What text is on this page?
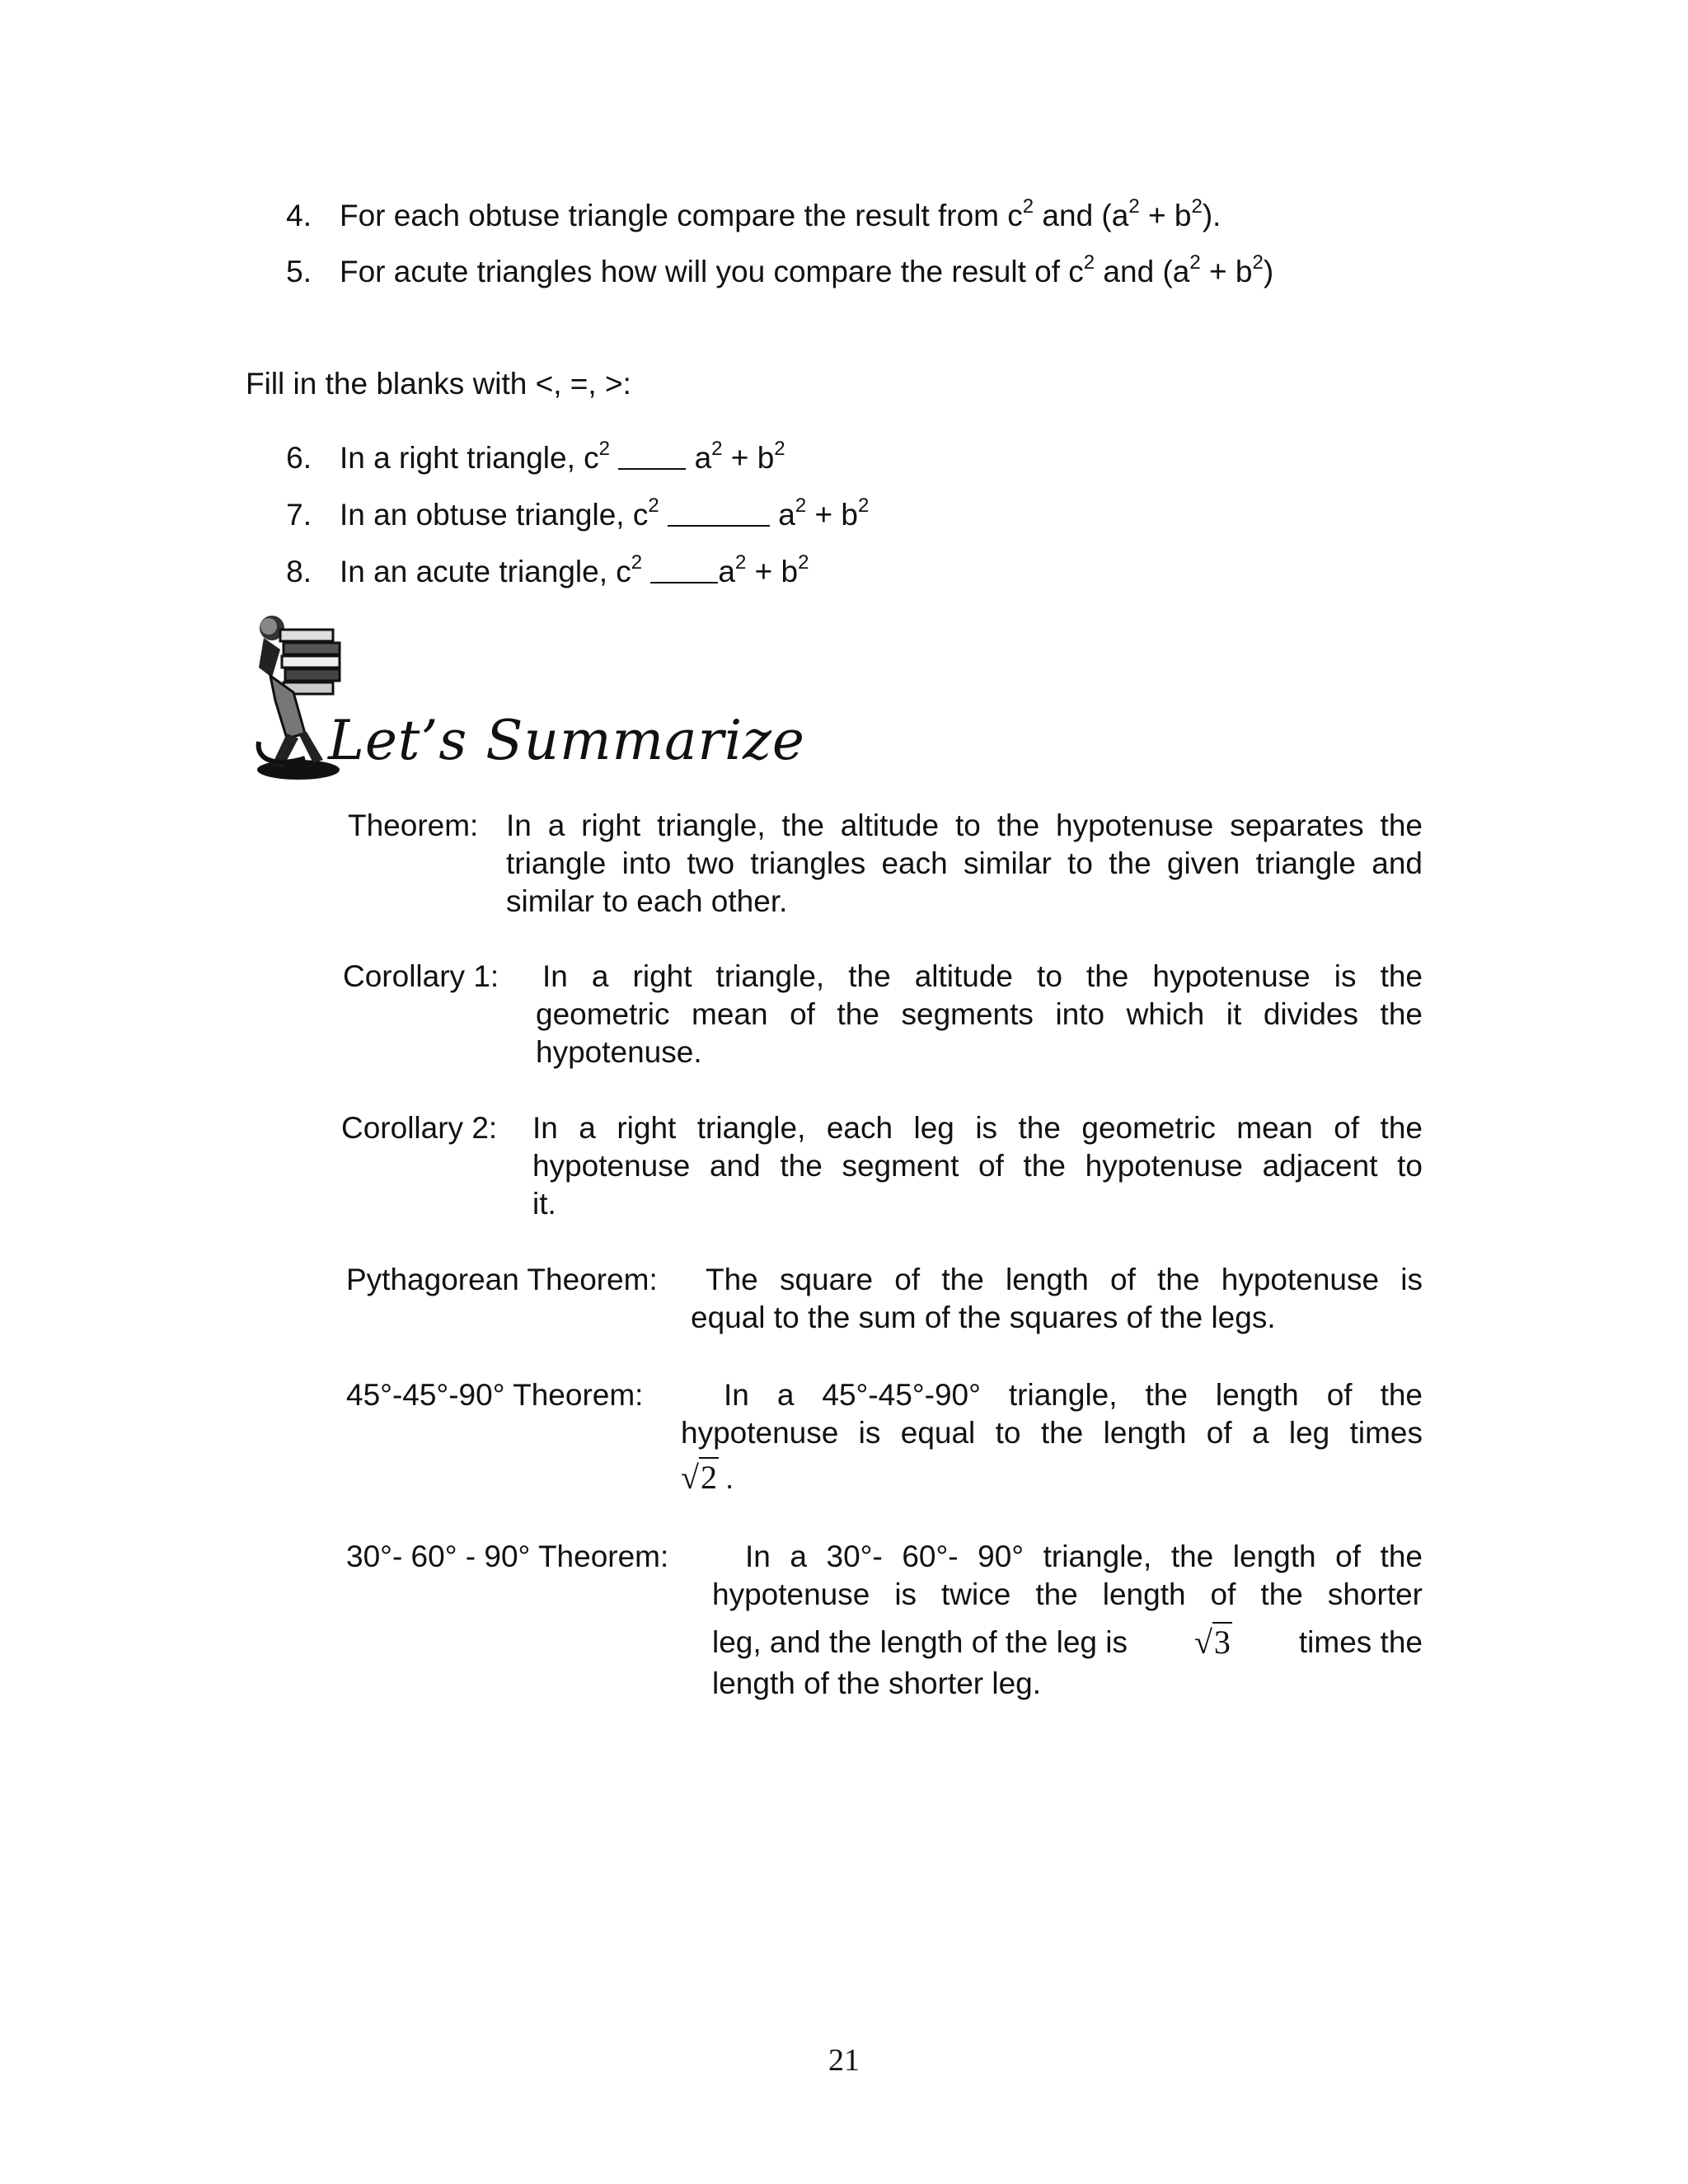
4. For each obtuse triangle compare the result from $c^2$ and $(a^2 + b^2)$.
5. For acute triangles how will you compare the result of $c^2$ and $(a^2 + b^2)$
Fill in the blanks with <, =, >:
6. In a right triangle, $c^2$	$a^2 + b^2$
7. In an obtuse triangle, $c^2$	$a^2 + b^2$
8. In an acute triangle, $c^2$ $a^2 + b^2$
Let’s Summarize
Theorem: In a right triangle, the altitude to the hypotenuse separates the
triangle into two triangles each similar to the given triangle and
similar to each other.
Corollary 1: In a right triangle, the altitude to the hypotenuse is the
geometric mean of the segments into which it divides the
hypotenuse.
Corollary 2: In a right triangle, each leg is the geometric mean of the
hypotenuse and the segment of the hypotenuse adjacent to
it.
Pythagorean Theorem: The square of the length of the hypotenuse is
equal to the sum of the squares of the legs.
45°-45°-90° Theorem:	In a 45°-45°-90° triangle, the length of the
hypotenuse is equal to the length of a leg times
√2 .
30°- 60° - 90° Theorem:	In a 30°- 60°- 90° triangle, the length of the
hypotenuse is twice the length of the shorter
leg, and the length of the leg is √3 times the
length of the shorter leg.
21
